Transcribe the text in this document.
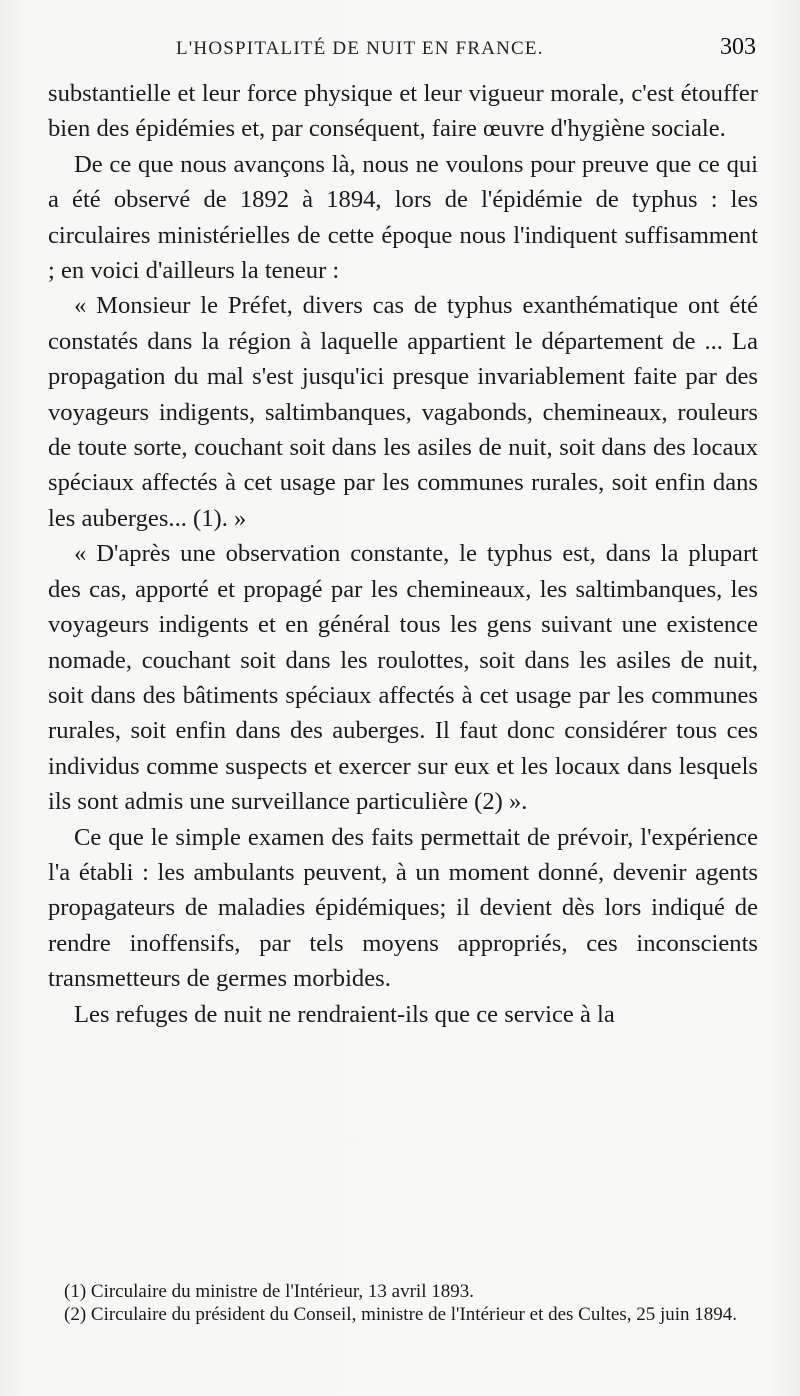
L'HOSPITALITÉ DE NUIT EN FRANCE.	303

substantielle et leur force physique et leur vigueur morale, c'est étouffer bien des épidémies et, par conséquent, faire œuvre d'hygiène sociale.

De ce que nous avançons là, nous ne voulons pour preuve que ce qui a été observé de 1892 à 1894, lors de l'épidémie de typhus : les circulaires ministérielles de cette époque nous l'indiquent suffisamment ; en voici d'ailleurs la teneur :

« Monsieur le Préfet, divers cas de typhus exanthématique ont été constatés dans la région à laquelle appartient le département de ... La propagation du mal s'est jusqu'ici presque invariablement faite par des voyageurs indigents, saltimbanques, vagabonds, chemineaux, rouleurs de toute sorte, couchant soit dans les asiles de nuit, soit dans des locaux spéciaux affectés à cet usage par les communes rurales, soit enfin dans les auberges... (1). »

« D'après une observation constante, le typhus est, dans la plupart des cas, apporté et propagé par les chemineaux, les saltimbanques, les voyageurs indigents et en général tous les gens suivant une existence nomade, couchant soit dans les roulottes, soit dans les asiles de nuit, soit dans des bâtiments spéciaux affectés à cet usage par les communes rurales, soit enfin dans des auberges. Il faut donc considérer tous ces individus comme suspects et exercer sur eux et les locaux dans lesquels ils sont admis une surveillance particulière (2) ».

Ce que le simple examen des faits permettait de prévoir, l'expérience l'a établi : les ambulants peuvent, à un moment donné, devenir agents propagateurs de maladies épidémiques; il devient dès lors indiqué de rendre inoffensifs, par tels moyens appropriés, ces inconscients transmetteurs de germes morbides.

Les refuges de nuit ne rendraient-ils que ce service à la

(1) Circulaire du ministre de l'Intérieur, 13 avril 1893.

(2) Circulaire du président du Conseil, ministre de l'Intérieur et des Cultes, 25 juin 1894.
